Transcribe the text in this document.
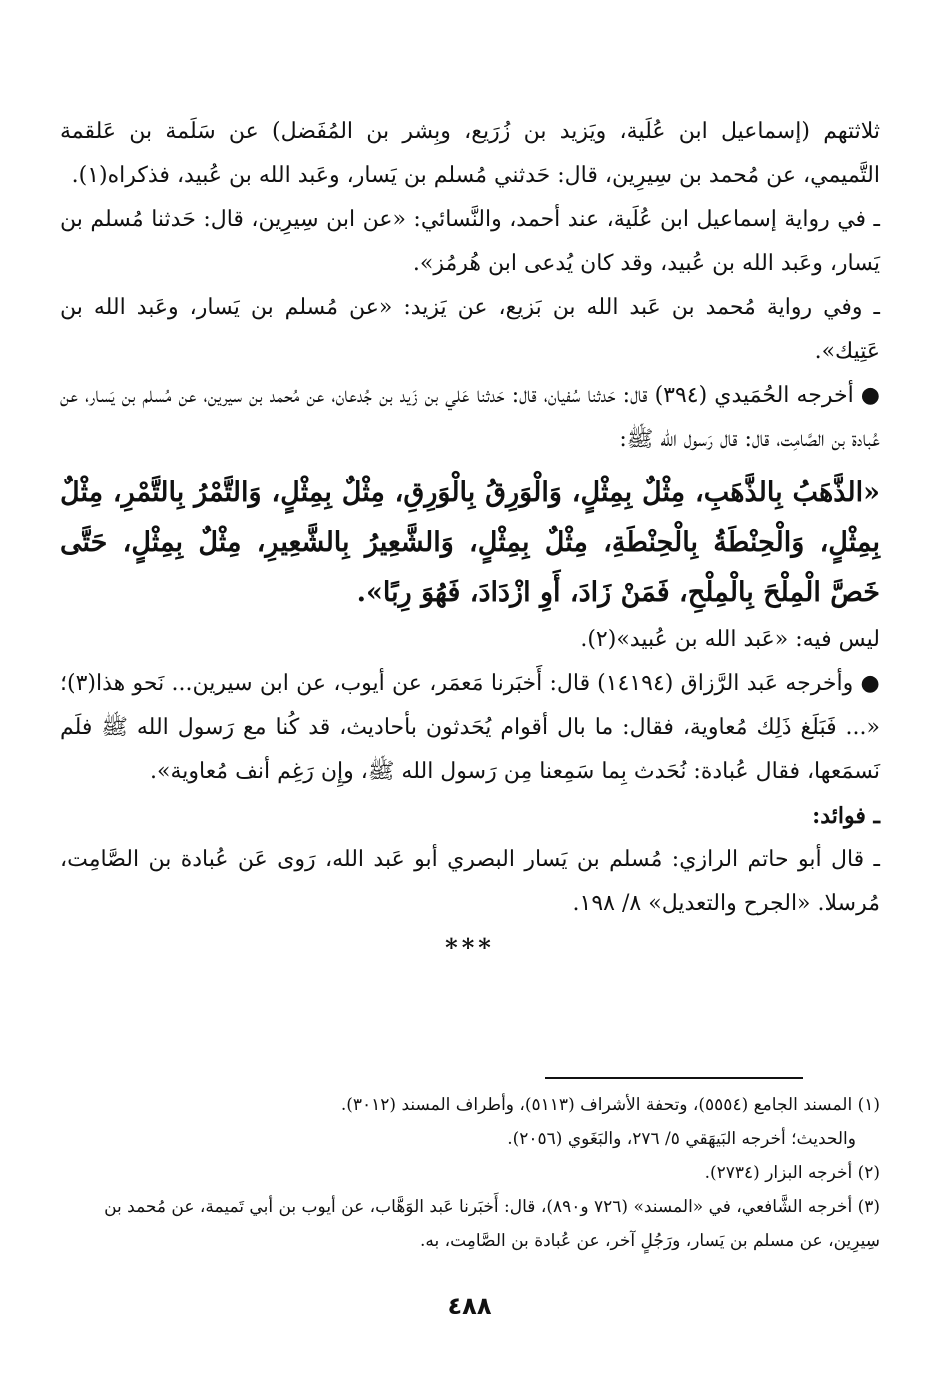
ثلاثتهم (إسماعيل ابن عُلَية، ويَزيد بن زُرَيع، وبِشر بن المُفَضل) عن سَلَمة بن عَلقمة التَّميمي، عن مُحمد بن سِيرِين، قال: حَدثني مُسلم بن يَسار، وعَبد الله بن عُبيد، فذكراه(١).

ـ في رواية إسماعيل ابن عُلَية، عند أحمد، والنَّسائي: «عن ابن سِيرِين، قال: حَدثنا مُسلم بن يَسار، وعَبد الله بن عُبيد، وقد كان يُدعى ابن هُرمُز».

ـ وفي رواية مُحمد بن عَبد الله بن بَزيع، عن يَزيد: «عن مُسلم بن يَسار، وعَبد الله بن عَتِيك».

● أخرجه الحُمَيدي (٣٩٤) قال: حَدثنا سُفيان، قال: حَدثنا عَلي بن زَيد بن جُدعان، عن مُحمد بن سيرين، عن مُسلم بن يَسار، عن عُبادة بن الصَّامِت، قال: قال رَسول الله ﷺ:

«الذَّهَبُ بِالذَّهَبِ، مِثْلٌ بِمِثْلٍ، وَالْوَرِقُ بِالْوَرِقِ، مِثْلٌ بِمِثْلٍ، وَالتَّمْرُ بِالتَّمْرِ، مِثْلٌ بِمِثْلٍ، وَالْحِنْطَةُ بِالْحِنْطَةِ، مِثْلٌ بِمِثْلٍ، وَالشَّعِيرُ بِالشَّعِيرِ، مِثْلٌ بِمِثْلٍ، حَتَّى خَصَّ الْمِلْحَ بِالْمِلْحِ، فَمَنْ زَادَ، أَوِ ازْدَادَ، فَهُوَ رِبًا».

ليس فيه: «عَبد الله بن عُبيد»(٢).

● وأخرجه عَبد الرَّزاق (١٤١٩٤) قال: أَخبَرنا مَعمَر، عن أيوب، عن ابن سيرين... نَحو هذا(٣)؛ «... فَبَلَغ ذَلِك مُعاوية، فقال: ما بال أقوام يُحَدثون بأحاديث، قد كُنا مع رَسول الله ﷺ فلَم نَسمَعها، فقال عُبادة: نُحَدث بِما سَمِعنا مِن رَسول الله ﷺ، وإِن رَغِم أنف مُعاوية».

ـ فوائد:

ـ قال أبو حاتم الرازي: مُسلم بن يَسار البصري أبو عَبد الله، رَوى عَن عُبادة بن الصَّامِت، مُرسلا. «الجرح والتعديل» ٨/ ١٩٨.

***

(١) المسند الجامع (٥٥٥٤)، وتحفة الأشراف (٥١١٣)، وأطراف المسند (٣٠١٢).

والحديث؛ أخرجه البَيهَقي ٥/ ٢٧٦، والبَغَوي (٢٠٥٦).

(٢) أخرجه البزار (٢٧٣٤).

(٣) أخرجه الشَّافعي، في «المسند» (٧٢٦ و٨٩٠)، قال: أَخبَرنا عَبد الوَهَّاب، عن أيوب بن أبي تَميمة، عن مُحمد بن سِيرِين، عن مسلم بن يَسار، ورَجُلٍ آخر، عن عُبادة بن الصَّامِت، به.

٤٨٨
